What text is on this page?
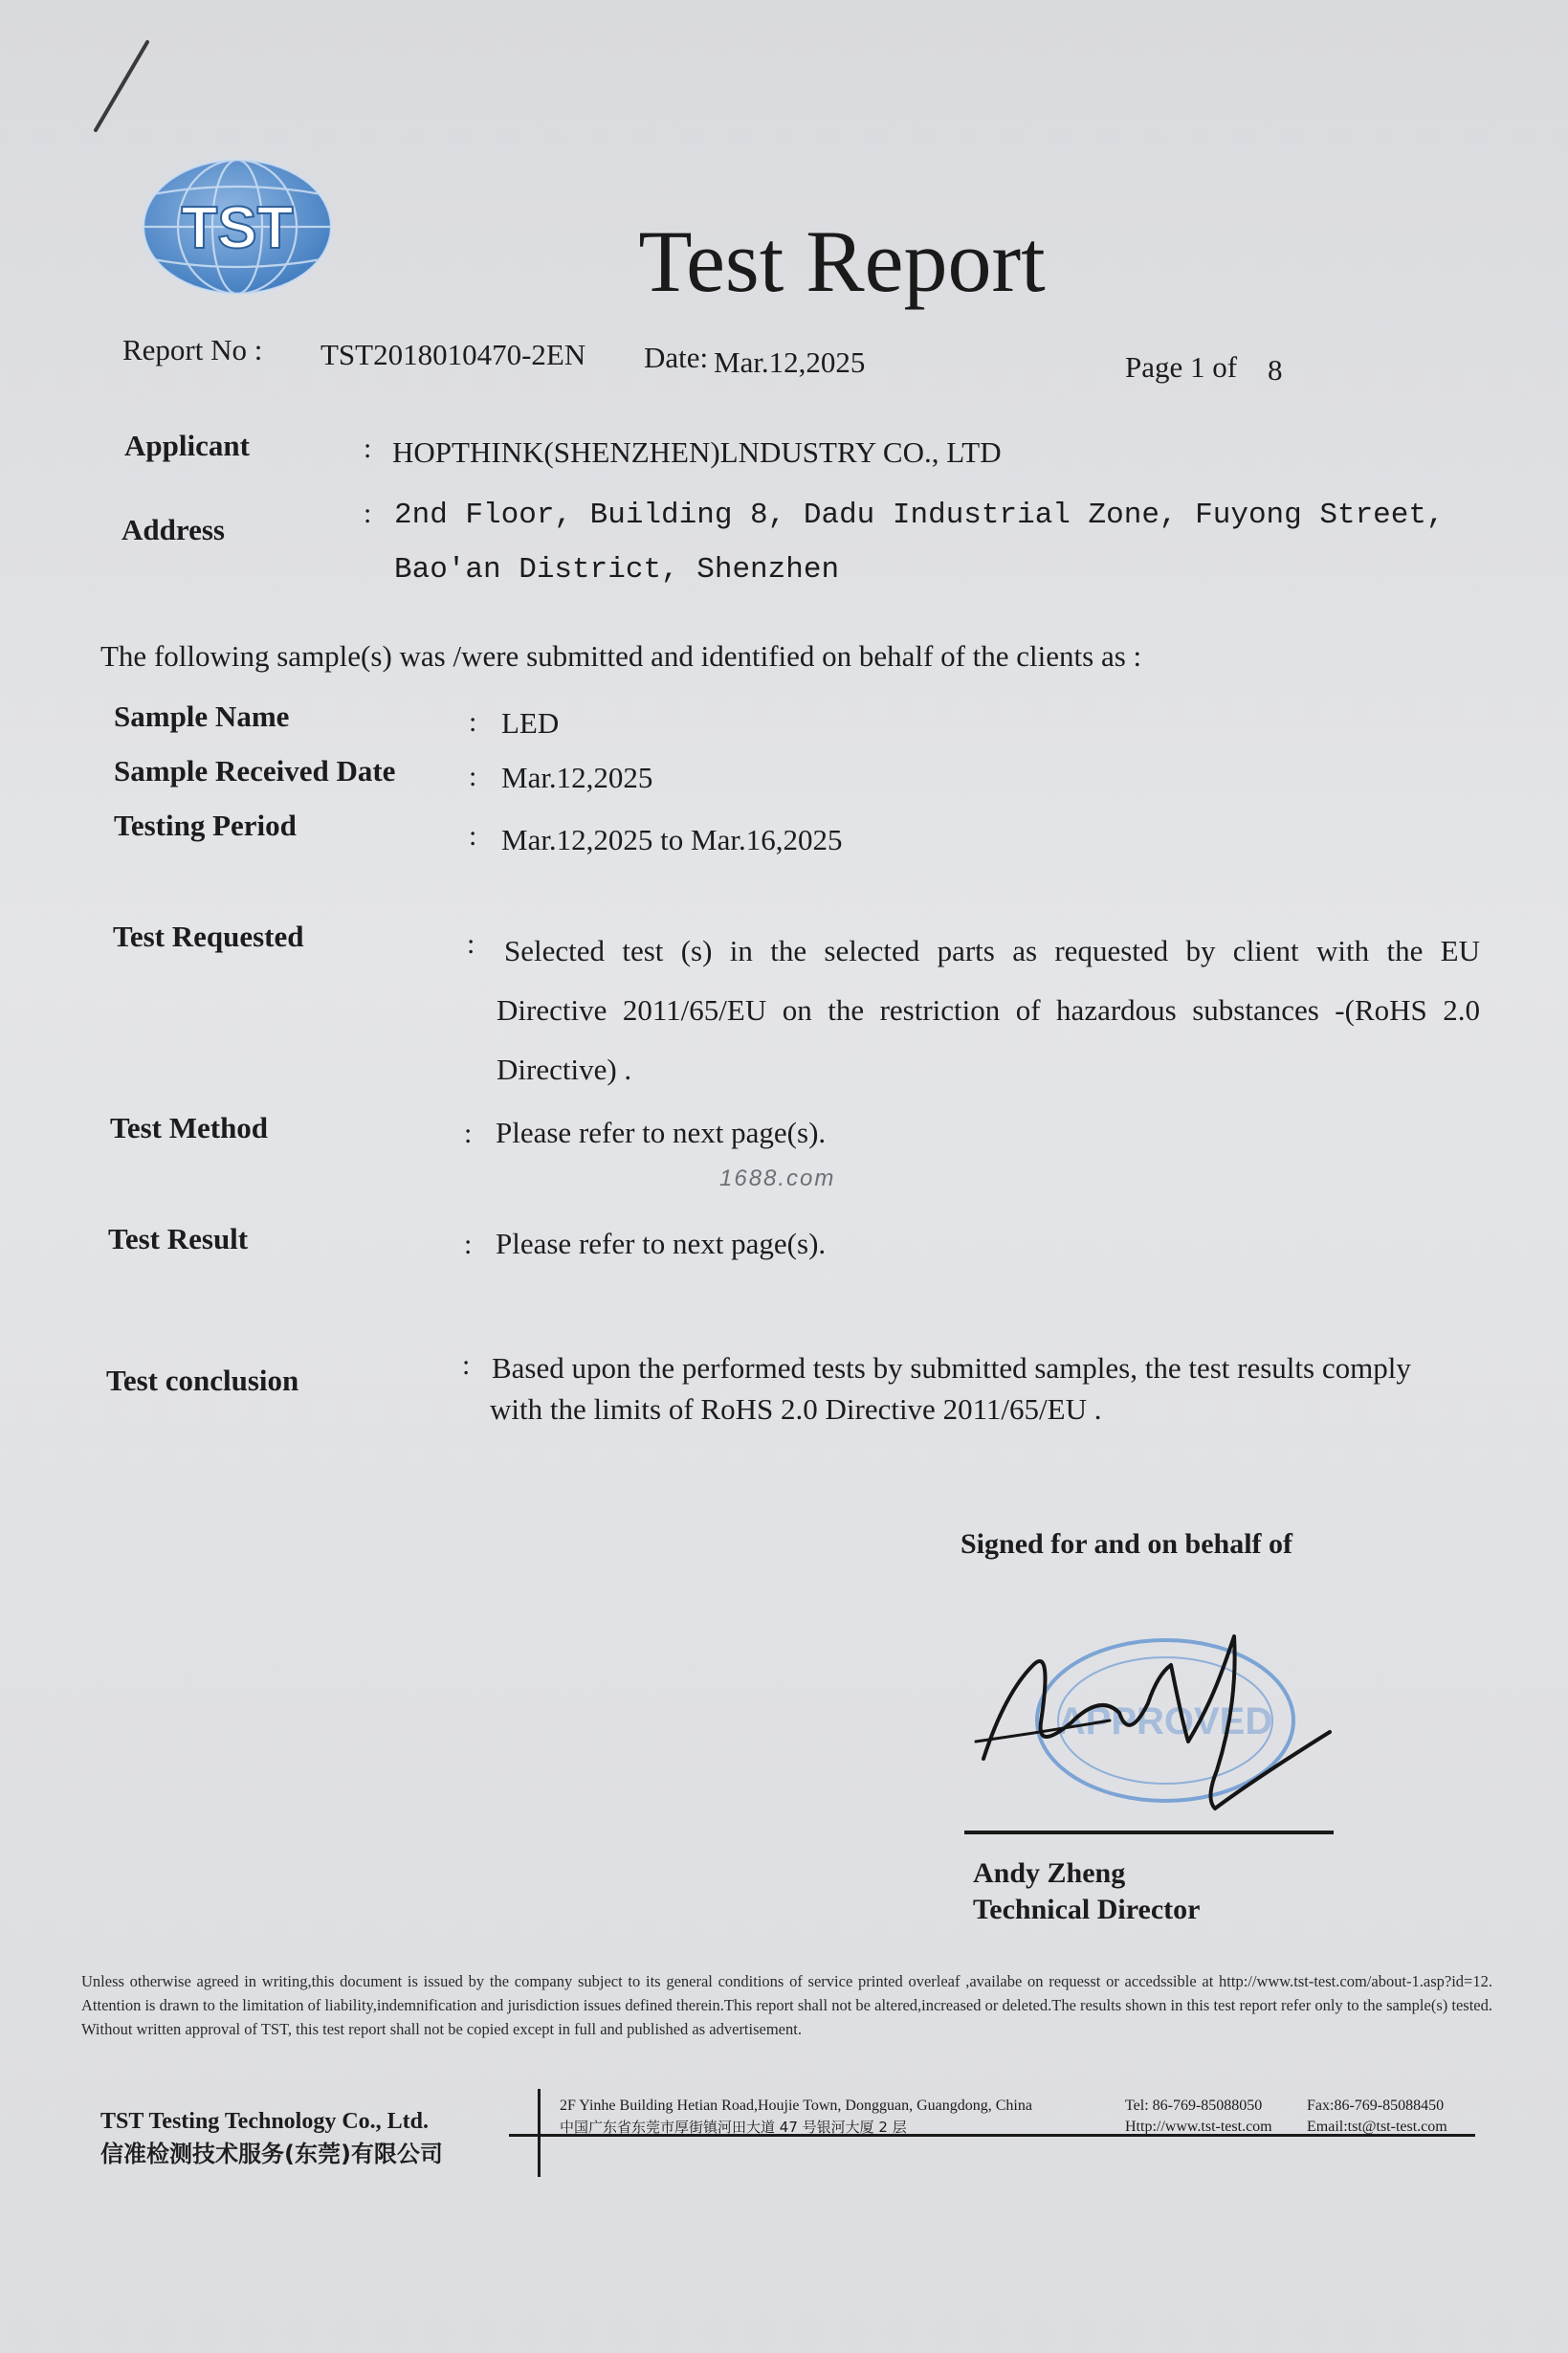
TST	Test Report
Report No : TST2018010470-2EN Date: Mar.12,2025	Page 1 of 8
Applicant	: HOPTHINK(SHENZHEN)LNDUSTRY CO., LTD
Address	: 2nd Floor, Building 8, Dadu Industrial Zone, Fuyong Street,
Bao'an District, Shenzhen
The following sample(s) was /were submitted and identified on behalf of the clients as :
Sample Name	: LED
Sample Received Date	: Mar.12,2025
Testing Period	: Mar.12,2025 to Mar.16,2025
Test Requested	: Selected test (s) in the selected parts as requested by client with the EU
Directive 2011/65/EU on the restriction of hazardous substances -(RoHS 2.0
Directive) .
Test Method	: Please refer to next page(s).
1688.com
Test Result	: Please refer to next page(s).
Test conclusion	: Based upon the performed tests by submitted samples, the test results comply
with the limits of RoHS 2.0 Directive 2011/65/EU .
Signed for and on behalf of
APPROVED
Andy Zheng
Technical Director
Unless otherwise agreed in writing,this document is issued by the company subject to its general conditions of service printed overleaf ,availabe on requesst or accedssible at http://www.tst-test.com/about-1.asp?id=12. Attention is drawn to the limitation of liability,indemnification and jurisdiction issues defined therein.This report shall not be altered,increased or deleted.The results shown in this test report refer only to the sample(s) tested. Without written approval of TST, this test report shall not be copied except in full and published as advertisement.
TST Testing Technology Co., Ltd.
信准检测技术服务(东莞)有限公司
2F Yinhe Building Hetian Road,Houjie Town, Dongguan, Guangdong, China
中国广东省东莞市厚街镇河田大道 47 号银河大厦 2 层
Tel: 86-769-85088050
Http://www.tst-test.com
Fax:86-769-85088450
Email:tst@tst-test.com
